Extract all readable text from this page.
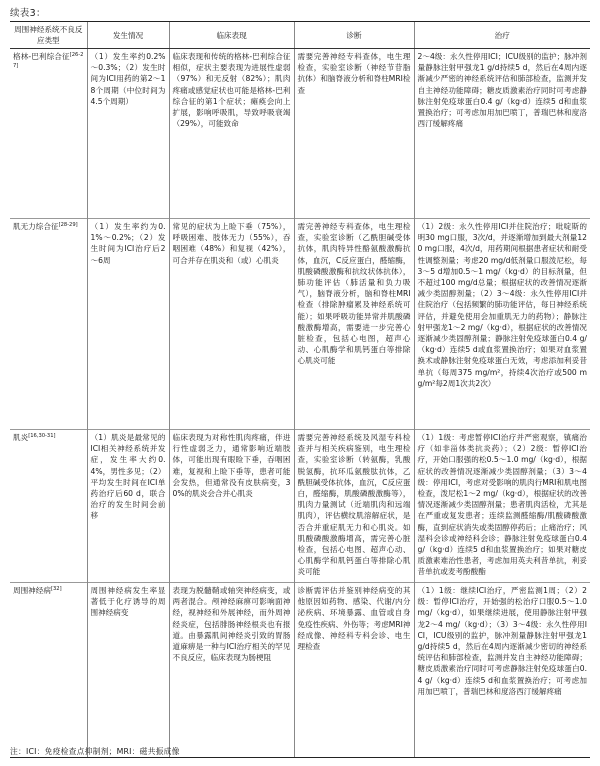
续表3：
周围神经系统不良反应类型	发生情况	临床表现	诊断	治疗
格林-巴利综合征[26-27]	（1）发生率约0.2%～0.3%；（2）发生时间为ICI用药的第2～18个周期（中位时间为4.5个周期）	临床表现和传统的格林-巴利综合征相似，症状主要表现为进展性虚弱（97%）和无反射（82%）；肌肉疼痛或感觉症状也可能是格林-巴利综合征的第1个症状；瘫痪会向上扩展，影响呼吸肌，导致呼吸衰竭（29%），可能致命	需要完善神经专科查体，电生理检查，实验室诊断（神经节苷脂抗体）和脑脊液分析和脊柱MRI检查	2～4级：永久性停用ICI；ICU级别的监护；脉冲剂量静脉注射甲强龙1 g/d持续5 d，然后在4周内逐渐减少严密的神经系统评估和肺部检查，监测并发自主神经功能障碍；糖皮质激素治疗同时可考虑静脉注射免疫球蛋白0.4 g/（kg·d）连续5 d和血浆置换治疗；可考虑加用加巴喷丁，普瑞巴林和度洛西汀缓解疼痛
肌无力综合征[28-29]	（1）发生率约为0.1%～0.2%；（2）发生时间为ICI治疗后2～6周	常见的症状为上睑下垂（75%），呼吸困难、肢体无力（55%），吞咽困难（48%）和复视（42%），可合并存在肌炎和（或）心肌炎	需完善神经专科查体，电生理检查，实验室诊断（乙酰胆碱受体抗体，肌肉特异性酪氨酸激酶抗体，血沉，C反应蛋白，醛缩酶，肌酸磷酸激酶和抗纹状体抗体），肺功能评估（肺活量和负力吸气），脑脊液分析，脑和脊柱MRI检查（排除肿瘤累及神经系统可能）；如果呼吸功能异常并肌酸磷酸激酶增高，需要进一步完善心脏检查，包括心电图，超声心动、心肌酶学和肌钙蛋白等排除心肌炎可能	（1）2级：永久性停用ICI并住院治疗；吡啶斯的明30 mg口服，3次/d，并逐渐增加到最大剂量120 mg口服，4次/d，用药期间根据患者症状和耐受性调整剂量；考虑20 mg/d低剂量口服泼尼松，每3～5 d增加0.5～1 mg/（kg·d）的目标剂量，但不超过100 mg/d总量；根据症状的改善情况逐渐减少类固醇剂量；（2）3～4级：永久性停用ICI并住院治疗（包括频繁的肺功能评估，每日神经系统评估，并避免使用会加重肌无力的药物）；静脉注射甲强龙1～2 mg/（kg·d），根据症状的改善情况逐渐减少类固醇剂量；静脉注射免疫球蛋白0.4 g/（kg·d）连续5 d或血浆置换治疗；如果对血浆置换术或静脉注射免疫球蛋白无效，考虑添加利妥昔单抗（每周375 mg/m²，持续4次治疗或500 mg/m²每2周1次共2次）
肌炎[16,30-31]	（1）肌炎是最常见的ICI相关神经系统并发症，发生率大约0.4%，男性多见；（2）平均发生时间在ICI单药治疗后60 d，联合治疗的发生时间会前移	临床表现为对称性肌肉疼痛，伴进行性虚弱乏力，通常影响近端肢体，可能出现有眼睑下垂，吞咽困难，复视和上睑下垂等，患者可能会发热，但通常没有皮肤病变，30%的肌炎会合并心肌炎	需要完善神经系统及风湿专科检查并与相关疾病鉴别，电生理检查，实验室诊断（转氨酶，乳酸脱氢酶，抗环瓜氨酸肽抗体，乙酰胆碱受体抗体，血沉，C反应蛋白，醛缩酶，肌酸磷酸激酶等），肌肉力量测试（近端肌肉和远端肌肉），评估横纹肌溶解症状，是否合并重症肌无力和心肌炎。如肌酸磷酸激酶增高，需完善心脏检查，包括心电图、超声心动、心肌酶学和肌钙蛋白等排除心肌炎可能	（1）1级：考虑暂停ICI治疗并严密观察，镇痛治疗（如非甾体类抗炎药）；（2）2级：暂停ICI治疗，开始口服强的松0.5～1.0 mg/（kg·d），根据症状的改善情况逐渐减少类固醇剂量；（3）3～4级：停用ICI，考虑对受影响的肌肉行MRI和肌电图检查，泼尼松1～2 mg/（kg·d），根据症状的改善情况逐渐减少类固醇剂量；患者肌肉活检，尤其是在严重或复发患者；连续监测醛缩酶/肌酸磷酸激酶，直到症状消失或类固醇停药后；止痛治疗；风湿科会诊或神经科会诊；静脉注射免疫球蛋白0.4 g/（kg·d）连续5 d和血浆置换治疗；如果对糖皮质激素难治性患者，考虑加用英夫利昔单抗，利妥昔单抗或麦考酚酸酯
周围神经病[32]	周围神经病发生率显著低于化疗诱导的周围神经病变	表现为脱髓鞘或轴突神经病变，或两者混合。颅神经麻痹可影响面神经，视神经和外展神经，而外周神经炎症，包括腓肠神经根炎也有报道。由暴露肌间神经炎引致的胃肠道麻痹是一种与ICI治疗相关的罕见不良反应，临床表现为肠梗阻	诊断需评估并鉴别神经病变的其他原因如药物、感染、代谢/内分泌疾病、环境暴露、血管或自身免疫性疾病、外伤等；考虑MRI神经成像、神经科专科会诊、电生理检查	（1）1级：继续ICI治疗，严密监测1周；（2）2级：暂停ICI治疗，开始强的松治疗口服0.5～1.0 mg/（kg·d），如果继续进展，使用静脉注射甲强龙2～4 mg/（kg·d）；（3）3～4级：永久性停用ICI，ICU级别的监护，脉冲剂量静脉注射甲强龙1 g/d持续5 d，然后在4周内逐渐减少密切的神经系统评估和肺部检查，监测并发自主神经功能障碍；糖皮质激素治疗同时可考虑静脉注射免疫球蛋白0.4 g/（kg·d）连续5 d和血浆置换治疗；可考虑加用加巴喷丁，普瑞巴林和度洛西汀缓解疼痛
注：ICI：免疫检查点抑制剂；MRI：磁共振成像
